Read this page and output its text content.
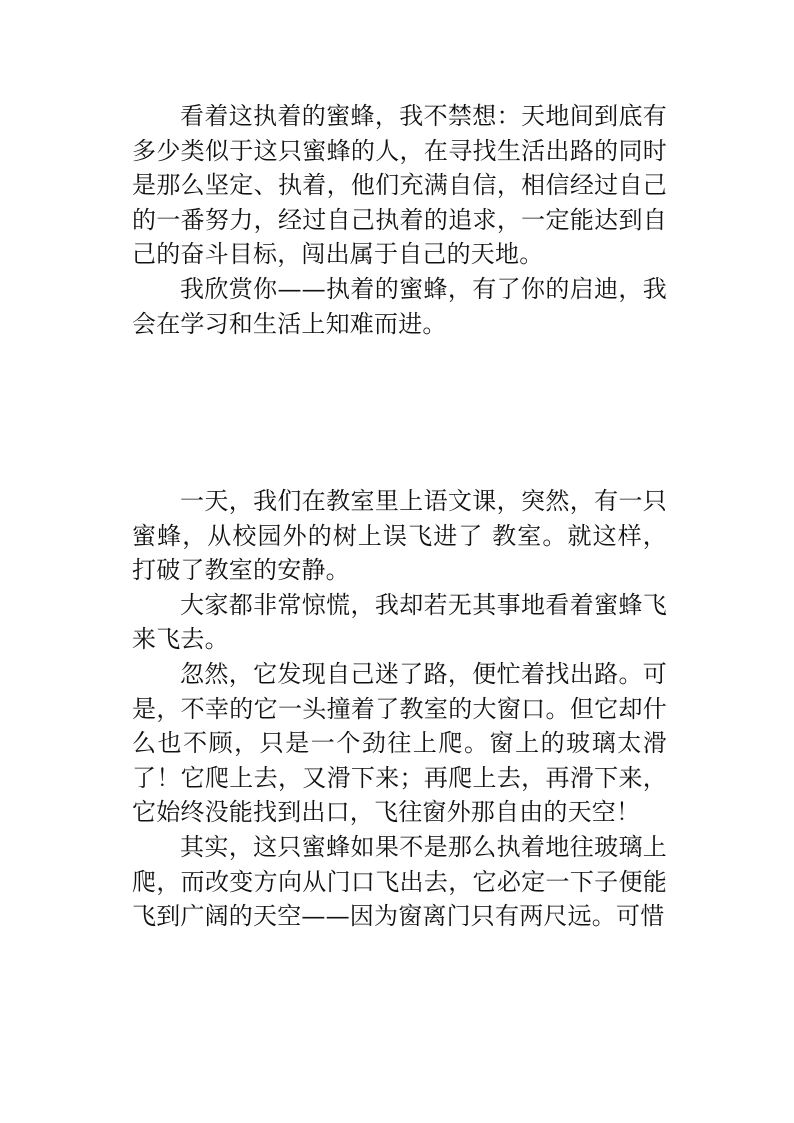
看着这执着的蜜蜂，我不禁想：天地间到底有多少类似于这只蜜蜂的人，在寻找生活出路的同时是那么坚定、执着，他们充满自信，相信经过自己的一番努力，经过自己执着的追求，一定能达到自己的奋斗目标，闯出属于自己的天地。

我欣赏你——执着的蜜蜂，有了你的启迪，我会在学习和生活上知难而进。

一天，我们在教室里上语文课，突然，有一只蜜蜂，从校园外的树上误飞进了 教室。就这样，打破了教室的安静。

大家都非常惊慌，我却若无其事地看着蜜蜂飞来飞去。

忽然，它发现自己迷了路，便忙着找出路。可是，不幸的它一头撞着了教室的大窗口。但它却什么也不顾，只是一个劲往上爬。窗上的玻璃太滑了！它爬上去，又滑下来；再爬上去，再滑下来，它始终没能找到出口，飞往窗外那自由的天空！

其实，这只蜜蜂如果不是那么执着地往玻璃上爬，而改变方向从门口飞出去，它必定一下子便能飞到广阔的天空——因为窗离门只有两尺远。可惜
